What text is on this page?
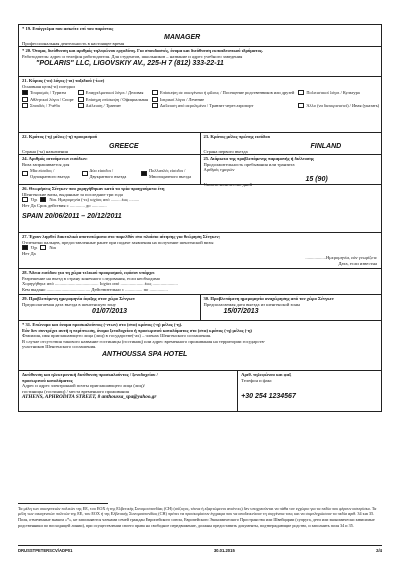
* 19. Επάγγελμα που ασκείτε επί του παρόντος
Профессиональная деятельность в настоящее время
MANAGER
* 20. Όνομα, διεύθυνση και αριθμός τηλεφώνου εργοδότη. Για σπουδαστές, όνομα και διεύθυνση εκπαιδευτικού ιδρύματος.
Работодатель: адрес и телефон работодателя. Для студентов, школьников – название и адрес учебного заведения
"POLARIS" LLC, LIGOVSKIY AV., 225-H 7 (812) 333-22-11
21. Κύριος (-οι) λόγος (-οι) ταξιδιού (-ίων)
Основная цель(-и) поездки
Τουρισμός / Туризм	Επαγγελματικοί λόγοι / Деловая	Επίσκεψη σε οικογένεια ή φίλους / Посещение родственников или друзей	Πολιτιστικοί λόγοι / Культура
Αθλητικοί λόγοι / Спорт	Επίσημη επίσκεψη / Официальная	Ιατρικοί λόγοι / Лечение
Σπουδές / Учёба	Διέλευση / Транзит	Διέλευση από αερολιμένα / Транзит через аэропорт	Άλλο (να διευκρινιστεί) / Иная (указать)
22. Κράτος (-η) μέλος (-η) προορισμού
Страна (-ы) назначения
GREECE
23. Κράτος μέλος πρώτης εισόδου
Страна первого въезда
FINLAND
24. Αριθμός αιτούμενων εισόδων:
Виза запрашивается для
Μία είσοδος / Однократного въезда
Δύο είσοδοι / Двукратного въезда
Πολλαπλές είσοδοι / Многократного въезда
25. Διάρκεια της προβλεπόμενης παραμονής ή διέλευσης
Продолжительность пребывания или транзита
Αριθμός ημερών
Указать количество дней
15 (90)
26. Θεωρήσεις Σένγκεν που χορηγήθηκαν κατά τα τρία προηγούμενα έτη
Шенгенские визы, выданные за последние три года
Όχι	Ναι. Ημερομηνία (-ες) ισχύος από ......... έως .........
Нет Да Срок действия с ............. до .............
SPAIN 20/06/2011 – 20/12/2011
27. Έχουν ληφθεί δακτυλικά αποτυπώματα στο παρελθόν στο πλαίσιο αίτησης για θεώρηση Σένγκεν;
Отпечатки пальцев, предоставленные ранее при подаче заявления на получение шенгенской визы
Όχι	Ναι
Нет Да
..................Ημερομηνία, εάν γνωρίζετε
Дата, если известна
28. Άδεια εισόδου για τη χώρα τελικού προορισμού, εφόσον υπάρχει
Разрешение на въезд в страну конечного следования, если необходимо
Χορηγήθηκε από ...................................... Ισχύει από .................... έως ......................
Кем выдано ...................................... Действительно с ............... по ................
29. Προβλεπόμενη ημερομηνία άφιξης στον χώρο Σένγκεν
Предполагаемая дата въезда в шенгенскую зону
01/07/2013
30. Προβλεπόμενη ημερομηνία αναχώρησης από τον χώρο Σένγκεν
Предполагаемая дата выезда из шенгенской зоны
15/07/2013
* 31. Επώνυμο και όνομα προσκαλούντος (-ντων) στο (στα) κράτος (-η) μέλος (-η).
Εάν δεν συντρέχει αυτή η περίπτωση, όνομα ξενοδοχείου ή προσωρινού καταλύματος στο (στα) κράτος (-η) μέλος (-η)
Фамилия, имя приглашающего лица (лиц) в государстве(-ах) – членах Шенгенского соглашения.
В случае отсутствия такового название гостиницы (гостиниц) или адрес временного проживания на территории государств-
участников Шенгенского соглашения.
ANTHOUSSA SPA HOTEL
Διεύθυνση και ηλεκτρονική διεύθυνση προσκαλούντος / ξενοδοχείου /
προσωρινού καταλύματος
Адрес и адрес электронной почты приглашающего лица (лиц)/
гостиницы (гостиниц) / места временного проживания
ATHENS, APHRODITA STREET, 8 anthoussa_spa@yahoo.gr
Αριθ. τηλεφώνου και φαξ
Телефон и факс
+30 254 1234567
Τα μέλη των οικογενειών πολιτών της ΕΕ, του ΕΟΧ ή της Ελβετικής Συνομοσπονδίας (CH) (σύζυγος, τέκνα ή εξαρτώμενοι ανιόντες) δεν υποχρεούνται να πάθα τον εγχώριο για τα πεδία που φέρουν αστερίσκο. Τα μέλη των οικογενειών πολιτών της ΕΕ, του ΕΟΧ ή της Ελβετικής Συνομοσπονδίας (CH) πρέπει να προσκομίσουν έγγραφα που να αποδεικνύουν τη συγγένεια τους και να συμπληρώσουν τα πεδία αριθ. 34 και 35.
Поля, отмеченные знаком «*», не заполняются членами семей граждан Европейского союза, Европейского Экономического Пространства или Швейцарии (супруга, дети или экономически зависимые родственники по восходящей линии), при осуществлении своего права на свободное передвижение, должны предоставить документы, подтверждающие родство, и заполнить поля 34 и 35.
DRUSSTPETERSCV/ADP01	30.01.2015	2/4
